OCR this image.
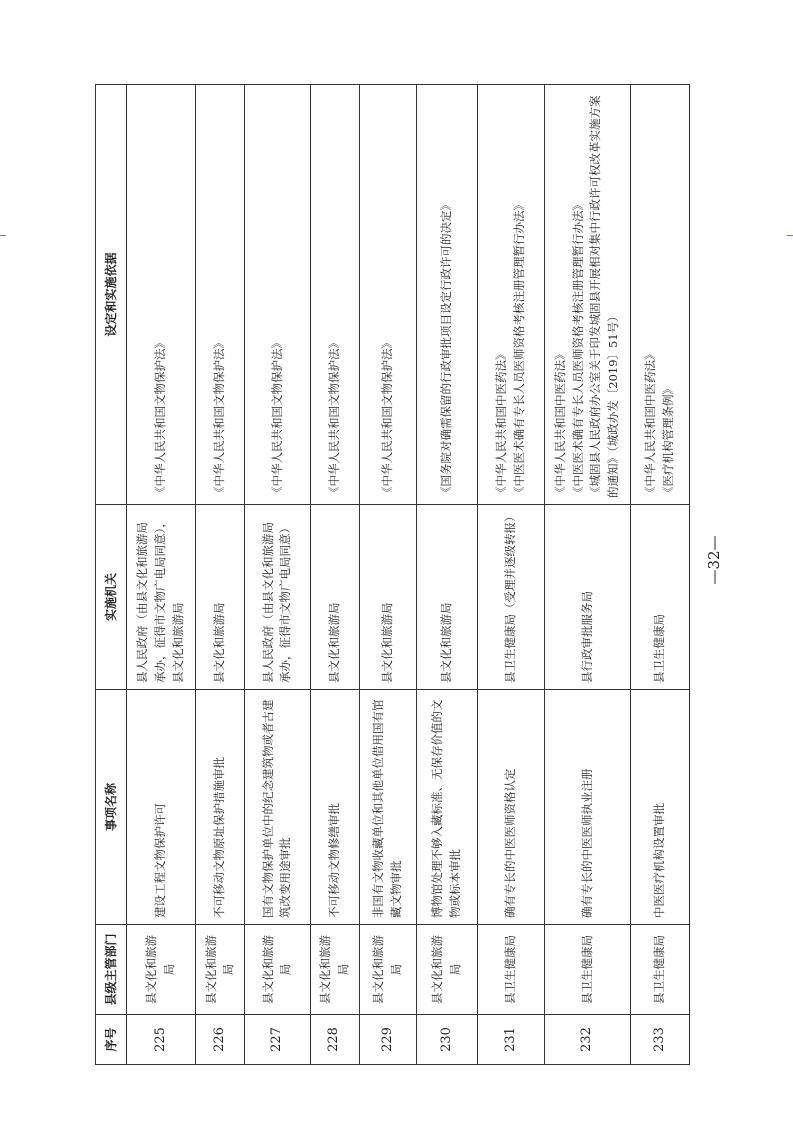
序号	县级主管部门	事项名称	实施机关	设定和实施依据
225	县文化和旅游局	建设工程文物保护许可	县人民政府（由县文化和旅游局承办，征得市文物广电局同意），县文化和旅游局	《中华人民共和国文物保护法》

226	县文化和旅游局	不可移动文物原址保护措施审批	县文化和旅游局	《中华人民共和国文物保护法》

227	县文化和旅游局	国有文物保护单位中的纪念建筑物或者古建筑改变用途审批	县人民政府（由县文化和旅游局承办，征得市文物广电局同意）	《中华人民共和国文物保护法》

228	县文化和旅游局	不可移动文物修缮审批	县文化和旅游局	《中华人民共和国文物保护法》

229	县文化和旅游局	非国有文物收藏单位和其他单位借用国有馆藏文物审批	县文化和旅游局	《中华人民共和国文物保护法》

230	县文化和旅游局	博物馆处理不够入藏标准、无保存价值的文物或标本审批	县文化和旅游局	《国务院对确需保留的行政审批项目设定行政许可的决定》

231	县卫生健康局	确有专长的中医医师资格认定	县卫生健康局（受理并逐级转报）	《中华人民共和国中医药法》 《中医医术确有专长人员医师资格考核注册管理暂行办法》

232	县卫生健康局	确有专长的中医医师执业注册	县行政审批服务局	《中华人民共和国中医药法》 《中医医术确有专长人员医师资格考核注册管理暂行办法》 《城固县人民政府办公室关于印发城固县开展相对集中行政许可权改革实施方案的通知》（城政办发〔2019〕51号）

233	县卫生健康局	中医医疗机构设置审批	县卫生健康局	《中华人民共和国中医药法》 《医疗机构管理条例》
—32—
